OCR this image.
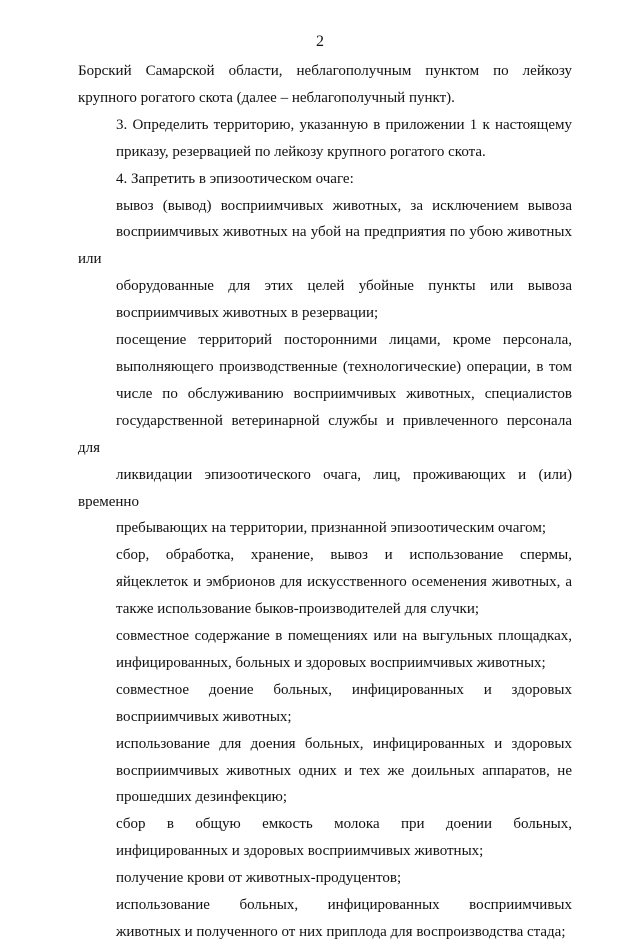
2

Борский Самарской области, неблагополучным пунктом по лейкозу
крупного рогатого скота (далее – неблагополучный пункт).

3. Определить территорию, указанную в приложении 1 к настоящему
приказу, резервацией по лейкозу крупного рогатого скота.

4. Запретить в эпизоотическом очаге:

вывоз (вывод) восприимчивых животных, за исключением вывоза
восприимчивых животных на убой на предприятия по убою животных или
оборудованные для этих целей убойные пункты или вывоза
восприимчивых животных в резервации;

посещение территорий посторонними лицами, кроме персонала,
выполняющего производственные (технологические) операции, в том
числе по обслуживанию восприимчивых животных, специалистов
государственной ветеринарной службы и привлеченного персонала для
ликвидации эпизоотического очага, лиц, проживающих и (или) временно
пребывающих на территории, признанной эпизоотическим очагом;

сбор, обработка, хранение, вывоз и использование спермы,
яйцеклеток и эмбрионов для искусственного осеменения животных, а
также использование быков-производителей для случки;

совместное содержание в помещениях или на выгульных площадках,
инфицированных, больных и здоровых восприимчивых животных;

совместное доение больных, инфицированных и здоровых
восприимчивых животных;

использование для доения больных, инфицированных и здоровых
восприимчивых животных одних и тех же доильных аппаратов, не
прошедших дезинфекцию;

сбор в общую емкость молока при доении больных,
инфицированных и здоровых восприимчивых животных;

получение крови от животных-продуцентов;

использование больных, инфицированных восприимчивых
животных и полученного от них приплода для воспроизводства стада;
